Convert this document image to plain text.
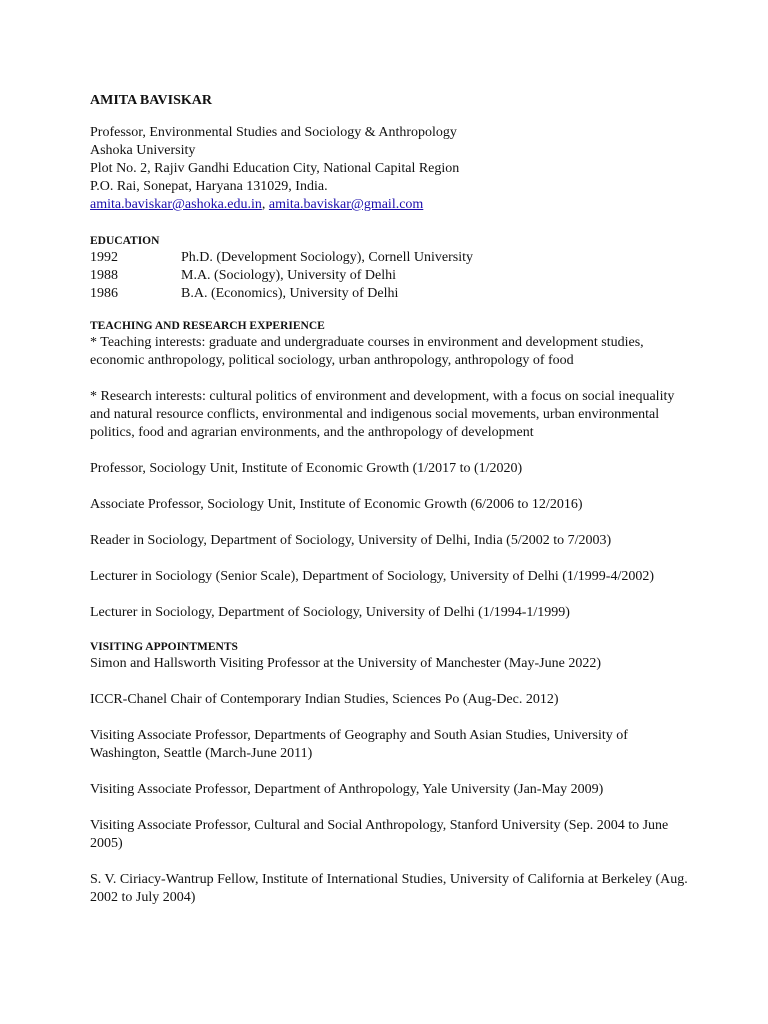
AMITA BAVISKAR
Professor, Environmental Studies and Sociology & Anthropology
Ashoka University
Plot No. 2, Rajiv Gandhi Education City, National Capital Region
P.O. Rai, Sonepat, Haryana 131029, India.
amita.baviskar@ashoka.edu.in, amita.baviskar@gmail.com
EDUCATION
1992	Ph.D. (Development Sociology), Cornell University
1988	M.A. (Sociology), University of Delhi
1986	B.A. (Economics), University of Delhi
TEACHING AND RESEARCH EXPERIENCE

* Teaching interests: graduate and undergraduate courses in environment and development studies, economic anthropology, political sociology, urban anthropology, anthropology of food

* Research interests: cultural politics of environment and development, with a focus on social inequality and natural resource conflicts, environmental and indigenous social movements, urban environmental politics, food and agrarian environments, and the anthropology of development

Professor, Sociology Unit, Institute of Economic Growth (1/2017 to (1/2020)

Associate Professor, Sociology Unit, Institute of Economic Growth (6/2006 to 12/2016)

Reader in Sociology, Department of Sociology, University of Delhi, India (5/2002 to 7/2003)

Lecturer in Sociology (Senior Scale), Department of Sociology, University of Delhi (1/1999-4/2002)

Lecturer in Sociology, Department of Sociology, University of Delhi (1/1994-1/1999)

VISITING APPOINTMENTS

Simon and Hallsworth Visiting Professor at the University of Manchester (May-June 2022)

ICCR-Chanel Chair of Contemporary Indian Studies, Sciences Po (Aug-Dec. 2012)

Visiting Associate Professor, Departments of Geography and South Asian Studies, University of Washington, Seattle (March-June 2011)

Visiting Associate Professor, Department of Anthropology, Yale University (Jan-May 2009)

Visiting Associate Professor, Cultural and Social Anthropology, Stanford University (Sep. 2004 to June 2005)

S. V. Ciriacy-Wantrup Fellow, Institute of International Studies, University of California at Berkeley (Aug. 2002 to July 2004)
